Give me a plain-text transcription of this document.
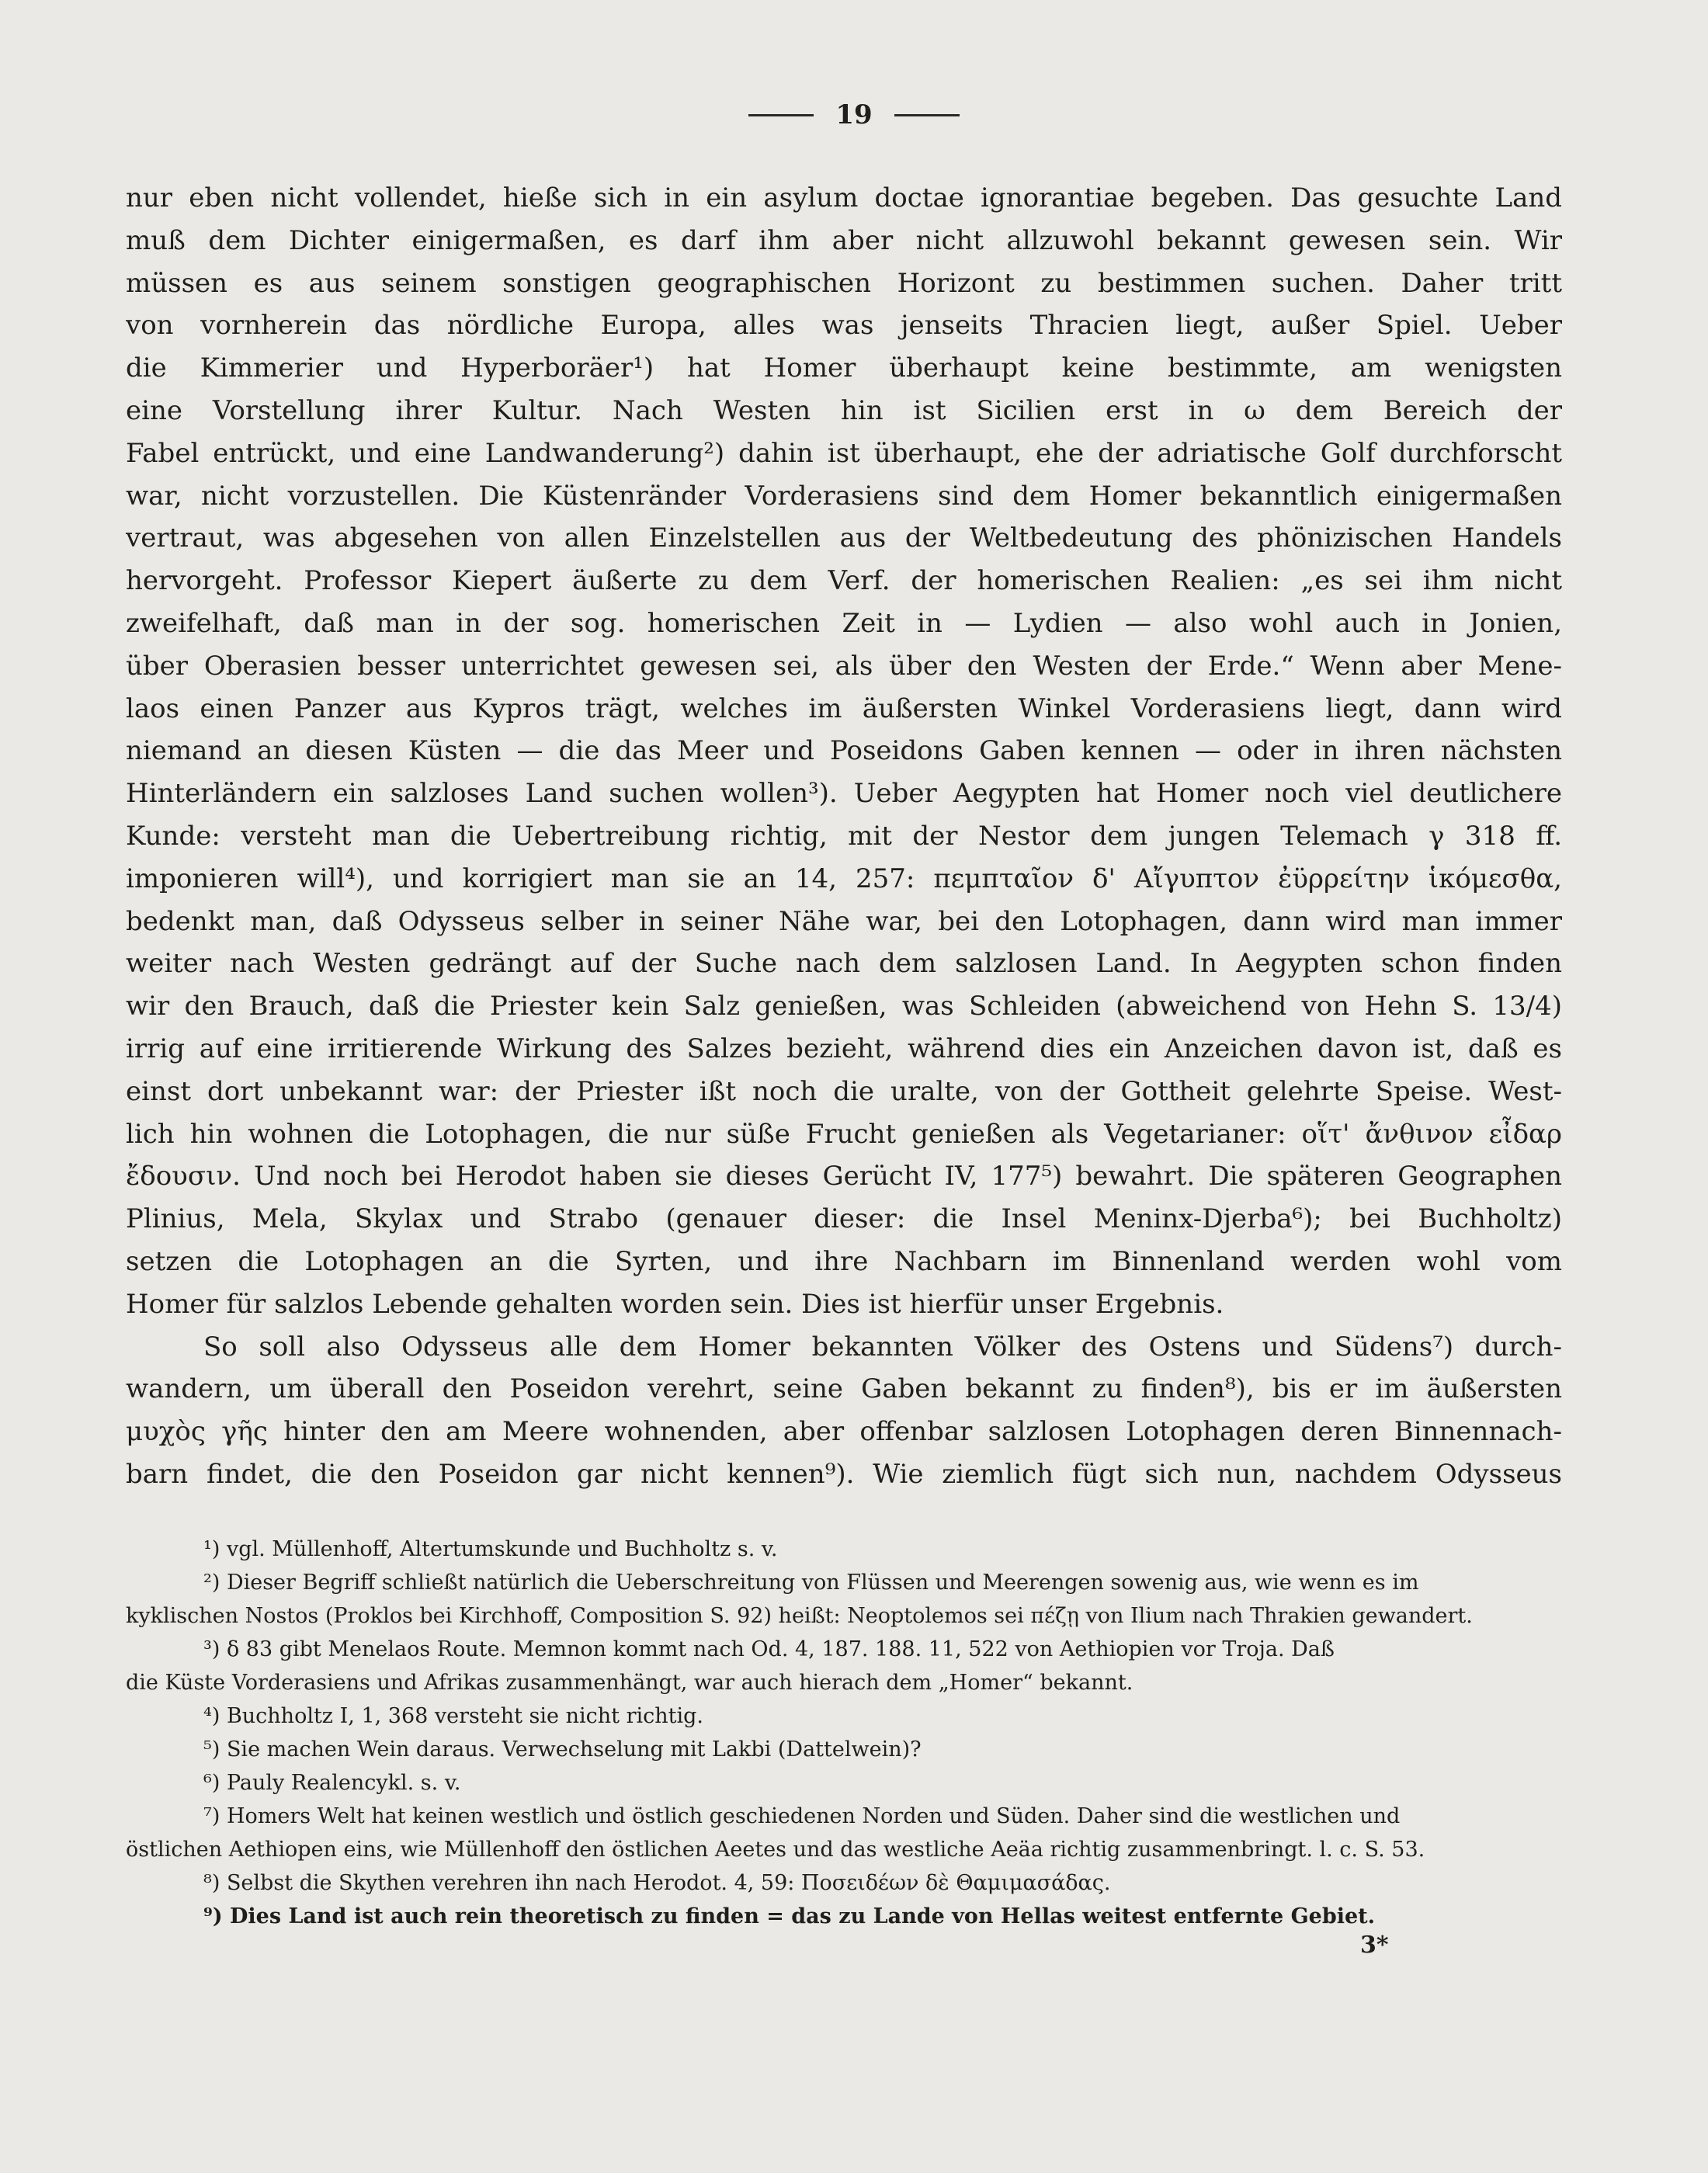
19
nur eben nicht vollendet, hieße sich in ein asylum doctae ignorantiae begeben. Das gesuchte Land
muß dem Dichter einigermaßen, es darf ihm aber nicht allzuwohl bekannt gewesen sein. Wir
müssen es aus seinem sonstigen geographischen Horizont zu bestimmen suchen. Daher tritt
von vornherein das nördliche Europa, alles was jenseits Thracien liegt, außer Spiel. Ueber
die Kimmerier und Hyperboräer¹) hat Homer überhaupt keine bestimmte, am wenigsten
eine Vorstellung ihrer Kultur. Nach Westen hin ist Sicilien erst in ω dem Bereich der
Fabel entrückt, und eine Landwanderung²) dahin ist überhaupt, ehe der adriatische Golf durchforscht
war, nicht vorzustellen. Die Küstenränder Vorderasiens sind dem Homer bekanntlich einigermaßen
vertraut, was abgesehen von allen Einzelstellen aus der Weltbedeutung des phönizischen Handels
hervorgeht. Professor Kiepert äußerte zu dem Verf. der homerischen Realien: „es sei ihm nicht
zweifelhaft, daß man in der sog. homerischen Zeit in — Lydien — also wohl auch in Jonien,
über Oberasien besser unterrichtet gewesen sei, als über den Westen der Erde.“ Wenn aber Mene-
laos einen Panzer aus Kypros trägt, welches im äußersten Winkel Vorderasiens liegt, dann wird
niemand an diesen Küsten — die das Meer und Poseidons Gaben kennen — oder in ihren nächsten
Hinterländern ein salzloses Land suchen wollen³). Ueber Aegypten hat Homer noch viel deutlichere
Kunde: versteht man die Uebertreibung richtig, mit der Nestor dem jungen Telemach γ 318 ff.
imponieren will⁴), und korrigiert man sie an 14, 257: πεμπταῖον δ' Αἴγυπτον ἐϋρρείτην ἱκόμεσθα,
bedenkt man, daß Odysseus selber in seiner Nähe war, bei den Lotophagen, dann wird man immer
weiter nach Westen gedrängt auf der Suche nach dem salzlosen Land. In Aegypten schon finden
wir den Brauch, daß die Priester kein Salz genießen, was Schleiden (abweichend von Hehn S. 13/4)
irrig auf eine irritierende Wirkung des Salzes bezieht, während dies ein Anzeichen davon ist, daß es
einst dort unbekannt war: der Priester ißt noch die uralte, von der Gottheit gelehrte Speise. West-
lich hin wohnen die Lotophagen, die nur süße Frucht genießen als Vegetarianer: οἵτ' ἄνθινον εἶδαρ
ἔδουσιν. Und noch bei Herodot haben sie dieses Gerücht IV, 177⁵) bewahrt. Die späteren Geographen
Plinius, Mela, Skylax und Strabo (genauer dieser: die Insel Meninx-Djerba⁶); bei Buchholtz)
setzen die Lotophagen an die Syrten, und ihre Nachbarn im Binnenland werden wohl vom
Homer für salzlos Lebende gehalten worden sein. Dies ist hierfür unser Ergebnis.
So soll also Odysseus alle dem Homer bekannten Völker des Ostens und Südens⁷) durch-
wandern, um überall den Poseidon verehrt, seine Gaben bekannt zu finden⁸), bis er im äußersten
μυχὸς γῆς hinter den am Meere wohnenden, aber offenbar salzlosen Lotophagen deren Binnennach-
barn findet, die den Poseidon gar nicht kennen⁹). Wie ziemlich fügt sich nun, nachdem Odysseus
¹) vgl. Müllenhoff, Altertumskunde und Buchholtz s. v.
²) Dieser Begriff schließt natürlich die Ueberschreitung von Flüssen und Meerengen sowenig aus, wie wenn es im
kyklischen Nostos (Proklos bei Kirchhoff, Composition S. 92) heißt: Neoptolemos sei πέζῃ von Ilium nach Thrakien gewandert.
³) δ 83 gibt Menelaos Route. Memnon kommt nach Od. 4, 187. 188. 11, 522 von Aethiopien vor Troja. Daß
die Küste Vorderasiens und Afrikas zusammenhängt, war auch hierach dem „Homer“ bekannt.
⁴) Buchholtz I, 1, 368 versteht sie nicht richtig.
⁵) Sie machen Wein daraus. Verwechselung mit Lakbi (Dattelwein)?
⁶) Pauly Realencykl. s. v.
⁷) Homers Welt hat keinen westlich und östlich geschiedenen Norden und Süden. Daher sind die westlichen und
östlichen Aethiopen eins, wie Müllenhoff den östlichen Aeetes und das westliche Aeäa richtig zusammenbringt. l. c. S. 53.
⁸) Selbst die Skythen verehren ihn nach Herodot. 4, 59: Ποσειδέων δὲ Θαμιμασάδας.
⁹) Dies Land ist auch rein theoretisch zu finden = das zu Lande von Hellas weitest entfernte Gebiet.
3*
